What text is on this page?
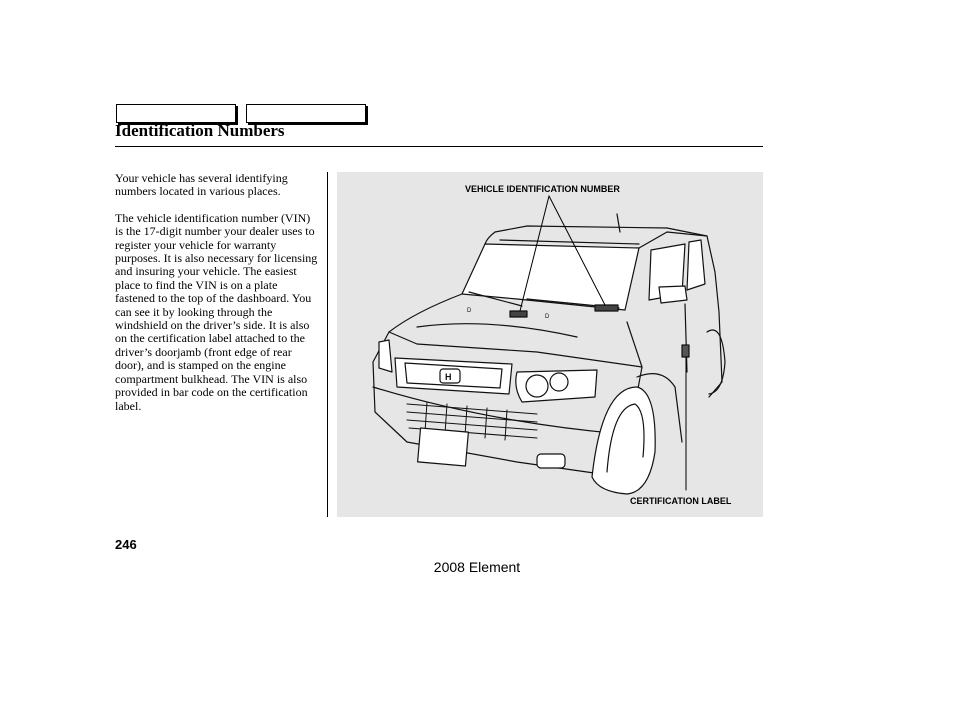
Identification Numbers

Your vehicle has several identifying numbers located in various places.

The vehicle identification number (VIN) is the 17-digit number your dealer uses to register your vehicle for warranty purposes. It is also necessary for licensing and insuring your vehicle. The easiest place to find the VIN is on a plate fastened to the top of the dashboard. You can see it by looking through the windshield on the driver’s side. It is also on the certification label attached to the driver’s doorjamb (front edge of rear door), and is stamped on the engine compartment bulkhead. The VIN is also provided in bar code on the certification label.

H
D
D
VEHICLE IDENTIFICATION NUMBER
CERTIFICATION LABEL
246
2008 Element
